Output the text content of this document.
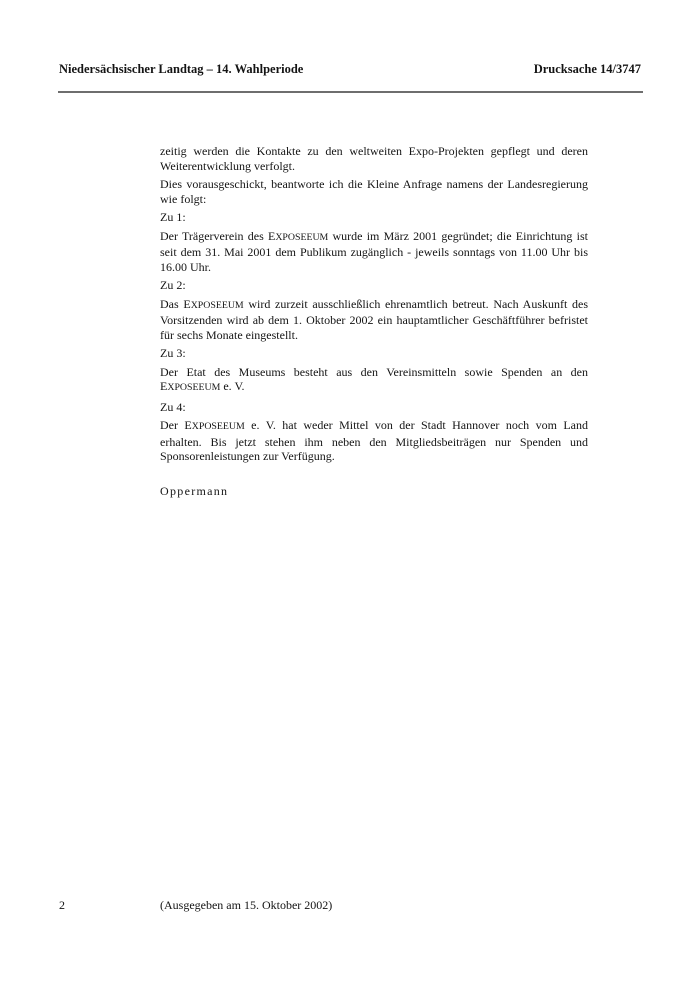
Niedersächsischer Landtag – 14. Wahlperiode	Drucksache 14/3747

zeitig werden die Kontakte zu den weltweiten Expo-Projekten gepflegt und deren Weiterentwicklung verfolgt.

Dies vorausgeschickt, beantworte ich die Kleine Anfrage namens der Landesregierung wie folgt:

Zu 1:

Der Trägerverein des EXPOSEEUM wurde im März 2001 gegründet; die Einrichtung ist seit dem 31. Mai 2001 dem Publikum zugänglich - jeweils sonntags von 11.00 Uhr bis 16.00 Uhr.

Zu 2:

Das EXPOSEEUM wird zurzeit ausschließlich ehrenamtlich betreut. Nach Auskunft des Vorsitzenden wird ab dem 1. Oktober 2002 ein hauptamtlicher Geschäftführer befristet für sechs Monate eingestellt.

Zu 3:

Der Etat des Museums besteht aus den Vereinsmitteln sowie Spenden an den EXPOSEEUM e. V.

Zu 4:

Der EXPOSEEUM e. V. hat weder Mittel von der Stadt Hannover noch vom Land erhalten. Bis jetzt stehen ihm neben den Mitgliedsbeiträgen nur Spenden und Sponsorenleistungen zur Verfügung.

Oppermann

2	(Ausgegeben am 15. Oktober 2002)
